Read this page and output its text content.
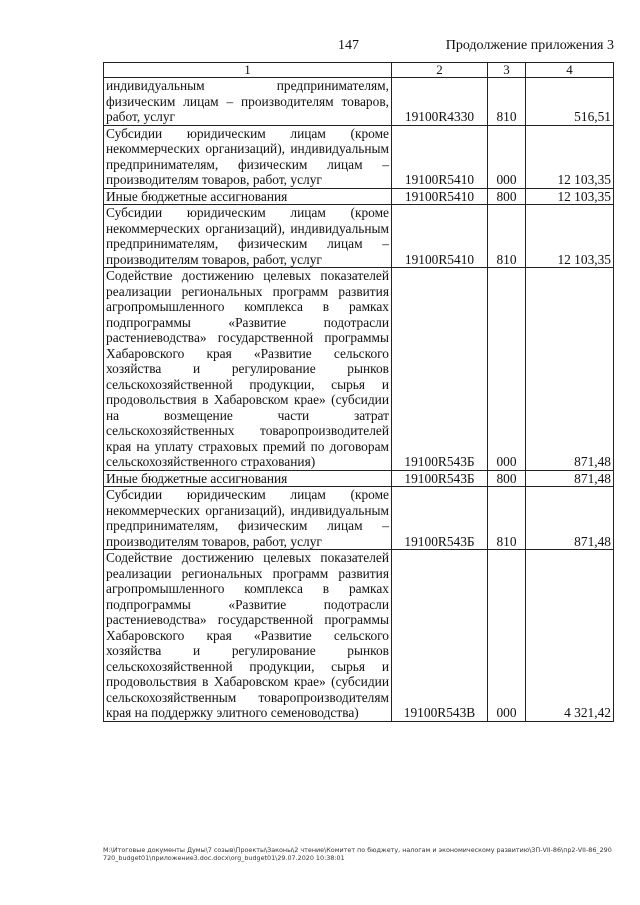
147	Продолжение приложения 3
1	2	3	4
индивидуальным предпринимателям, физическим лицам – производителям товаров, работ, услуг	19100R4330	810	516,51
Субсидии юридическим лицам (кроме некоммерческих организаций), индивидуальным предпринимателям, физическим лицам – производителям товаров, работ, услуг	19100R5410	000	12 103,35
Иные бюджетные ассигнования	19100R5410	800	12 103,35
Субсидии юридическим лицам (кроме некоммерческих организаций), индивидуальным предпринимателям, физическим лицам – производителям товаров, работ, услуг	19100R5410	810	12 103,35
Содействие достижению целевых показателей реализации региональных программ развития агропромышленного комплекса в рамках подпрограммы «Развитие подотрасли растениеводства» государственной программы Хабаровского края «Развитие сельского хозяйства и регулирование рынков сельскохозяйственной продукции, сырья и продовольствия в Хабаровском крае» (субсидии на возмещение части затрат сельскохозяйственных товаропроизводителей края на уплату страховых премий по договорам сельскохозяйственного страхования)	19100R543Б	000	871,48
Иные бюджетные ассигнования	19100R543Б	800	871,48
Субсидии юридическим лицам (кроме некоммерческих организаций), индивидуальным предпринимателям, физическим лицам – производителям товаров, работ, услуг	19100R543Б	810	871,48
Содействие достижению целевых показателей реализации региональных программ развития агропромышленного комплекса в рамках подпрограммы «Развитие подотрасли растениеводства» государственной программы Хабаровского края «Развитие сельского хозяйства и регулирование рынков сельскохозяйственной продукции, сырья и продовольствия в Хабаровском крае» (субсидии сельскохозяйственным товаропроизводителям края на поддержку элитного семеноводства)	19100R543В	000	4 321,42
M:\Итоговые документы Думы\7 созыв\Проекты\Законы\2 чтение\Комитет по бюджету, налогам и экономическому развитию\ЗП-VII-86\пр2-VII-86_290720_budget01\приложение3.doc.docx\org_budget01\29.07.2020 10:38:01
